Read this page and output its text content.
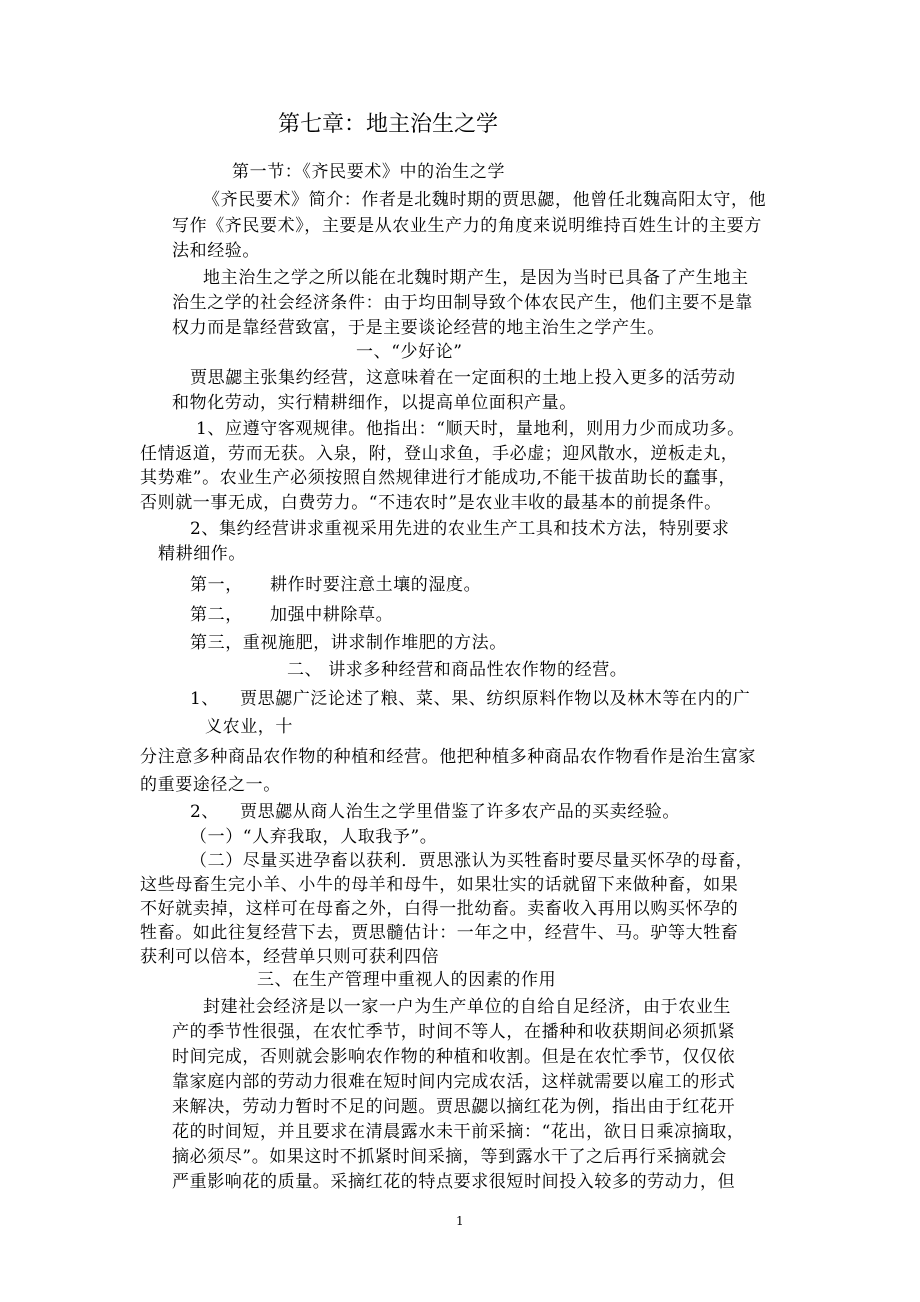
第七章：地主治生之学
第一节：《齐民要术》中的治生之学
《齐民要术》简介：作者是北魏时期的贾思勰，他曾任北魏高阳太守，他
写作《齐民要术》，主要是从农业生产力的角度来说明维持百姓生计的主要方
法和经验。
地主治生之学之所以能在北魏时期产生，是因为当时已具备了产生地主
治生之学的社会经济条件：由于均田制导致个体农民产生，他们主要不是靠
权力而是靠经营致富，于是主要谈论经营的地主治生之学产生。
一、“少好论”
贾思勰主张集约经营，这意味着在一定面积的土地上投入更多的活劳动
和物化劳动，实行精耕细作，以提高单位面积产量。
1、应遵守客观规律。他指出：“顺天时，量地利，则用力少而成功多。
任情返道，劳而无获。入泉，附，登山求鱼，手必虚；迎风散水，逆板走丸，
其势难”。农业生产必须按照自然规律进行才能成功,不能干拔苗助长的蠢事，
否则就一事无成，白费劳力。“不违农时”是农业丰收的最基本的前提条件。
2、集约经营讲求重视采用先进的农业生产工具和技术方法，特别要求
精耕细作。
第一， 耕作时要注意土壤的湿度。
第二， 加强中耕除草。
第三，重视施肥，讲求制作堆肥的方法。
二、 讲求多种经营和商品性农作物的经营。
1、 贾思勰广泛论述了粮、菜、果、纺织原料作物以及林木等在内的广
义农业，十
分注意多种商品农作物的种植和经营。他把种植多种商品农作物看作是治生富家
的重要途径之一。
2、 贾思勰从商人治生之学里借鉴了许多农产品的买卖经验。
（一）“人弃我取，人取我予”。
（二）尽量买进孕畜以获利．贾思涨认为买牲畜时要尽量买怀孕的母畜，
这些母畜生完小羊、小牛的母羊和母牛，如果壮实的话就留下来做种畜，如果
不好就卖掉，这样可在母畜之外，白得一批幼畜。卖畜收入再用以购买怀孕的
牲畜。如此往复经营下去，贾思髓估计：一年之中，经营牛、马。驴等大牲畜
获利可以倍本，经营单只则可获利四倍
三、在生产管理中重视人的因素的作用
封建社会经济是以一家一户为生产单位的自给自足经济，由于农业生
产的季节性很强，在农忙季节，时间不等人，在播种和收获期间必须抓紧
时间完成，否则就会影响农作物的种植和收割。但是在农忙季节，仅仅依
靠家庭内部的劳动力很难在短时间内完成农活，这样就需要以雇工的形式
来解决，劳动力暂时不足的问题。贾思勰以摘红花为例，指出由于红花开
花的时间短，并且要求在清晨露水未干前采摘：“花出，欲日日乘凉摘取，
摘必须尽”。如果这时不抓紧时间采摘，等到露水干了之后再行采摘就会
严重影响花的质量。采摘红花的特点要求很短时间投入较多的劳动力，但
1
